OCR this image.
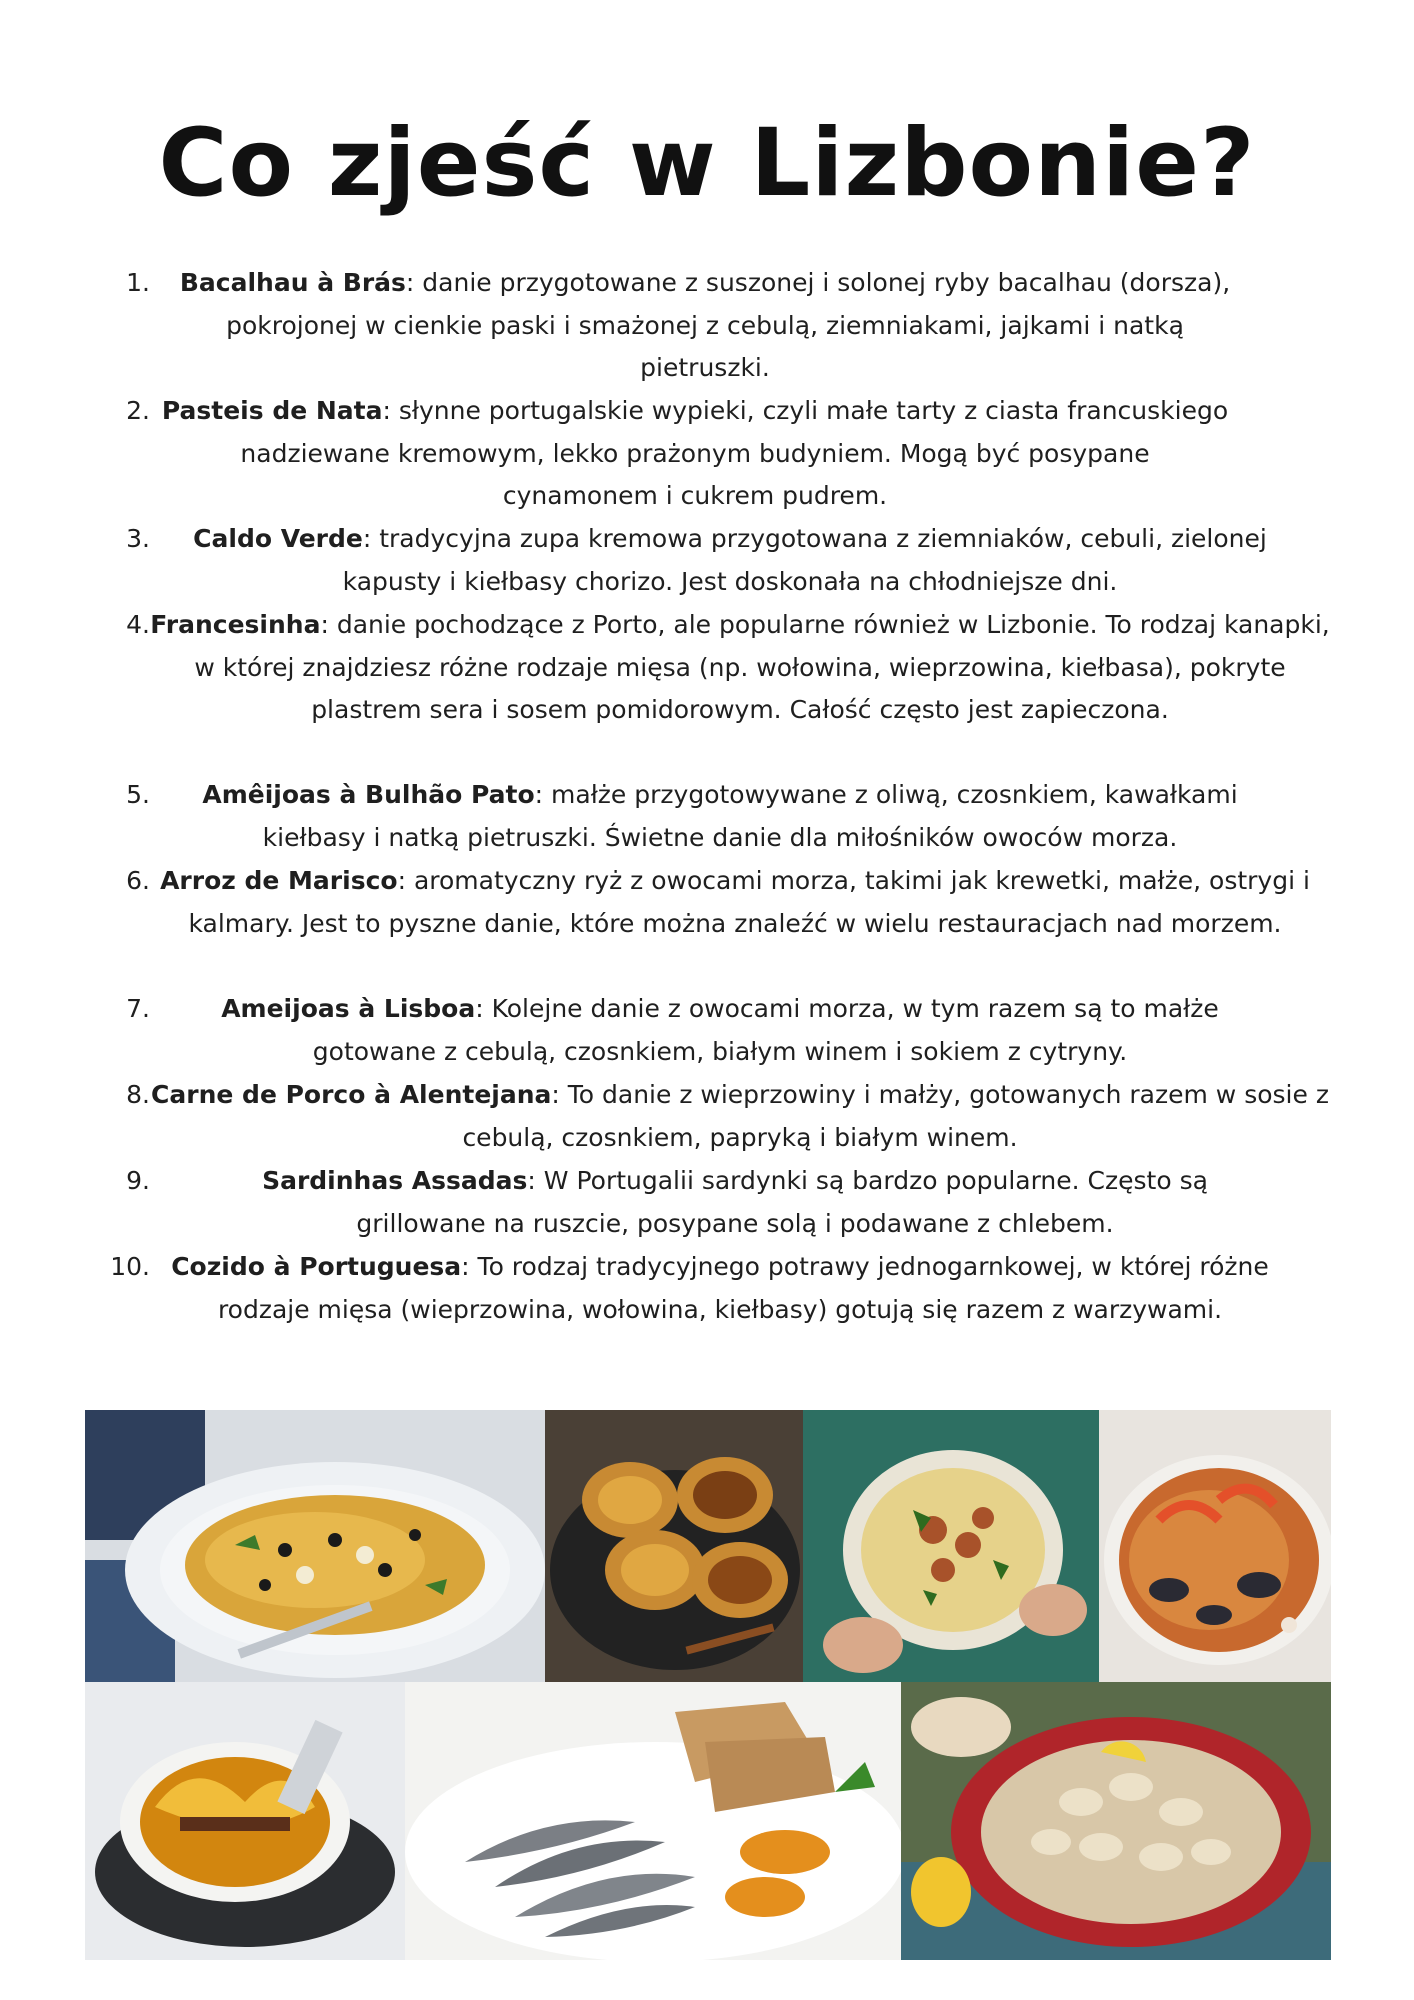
Co zjeść w Lizbonie?
1.	Bacalhau à Brás: danie przygotowane z suszonej i solonej ryby bacalhau (dorsza), pokrojonej w cienkie paski i smażonej z cebulą, ziemniakami, jajkami i natką pietruszki.
2. Pasteis de Nata: słynne portugalskie wypieki, czyli małe tarty z ciasta francuskiego nadziewane kremowym, lekko prażonym budyniem. Mogą być posypane cynamonem i cukrem pudrem.
3.	Caldo Verde: tradycyjna zupa kremowa przygotowana z ziemniaków, cebuli, zielonej kapusty i kiełbasy chorizo. Jest doskonała na chłodniejsze dni.
4. Francesinha: danie pochodzące z Porto, ale popularne również w Lizbonie. To rodzaj kanapki, w której znajdziesz różne rodzaje mięsa (np. wołowina, wieprzowina, kiełbasa), pokryte plastrem sera i sosem pomidorowym. Całość często jest zapieczona.
5.	Amêijoas à Bulhão Pato: małże przygotowywane z oliwą, czosnkiem, kawałkami kiełbasy i natką pietruszki. Świetne danie dla miłośników owoców morza.
6. Arroz de Marisco: aromatyczny ryż z owocami morza, takimi jak krewetki, małże, ostrygi i kalmary. Jest to pyszne danie, które można znaleźć w wielu restauracjach nad morzem.
7.	Ameijoas à Lisboa: Kolejne danie z owocami morza, w tym razem są to małże gotowane z cebulą, czosnkiem, białym winem i sokiem z cytryny.
8. Carne de Porco à Alentejana: To danie z wieprzowiny i małży, gotowanych razem w sosie z cebulą, czosnkiem, papryką i białym winem.
9.	Sardinhas Assadas: W Portugalii sardynki są bardzo popularne. Często są grillowane na ruszcie, posypane solą i podawane z chlebem.
10. Cozido à Portuguesa: To rodzaj tradycyjnego potrawy jednogarnkowej, w której różne rodzaje mięsa (wieprzowina, wołowina, kiełbasy) gotują się razem z warzywami.
